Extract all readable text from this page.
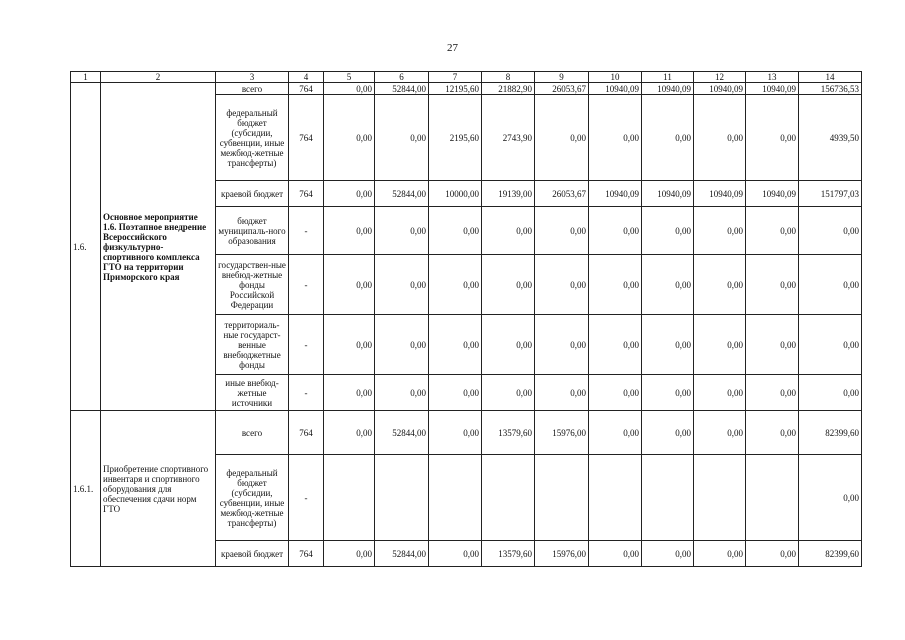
27
1	2	3	4	5	6	7	8	9	10	11	12	13	14
1.6.	Основное мероприятие 1.6. Поэтапное внедрение Всероссийского физкультурно-спортивного комплекса ГТО на территории Приморского края	всего	764	0,00	52844,00	12195,60	21882,90	26053,67	10940,09	10940,09	10940,09	10940,09	156736,53
		федеральный бюджет (субсидии, субвенции, иные межбюд-жетные трансферты)	764	0,00	0,00	2195,60	2743,90	0,00	0,00	0,00	0,00	0,00	4939,50
		краевой бюджет	764	0,00	52844,00	10000,00	19139,00	26053,67	10940,09	10940,09	10940,09	10940,09	151797,03
		бюджет муниципаль-ного образования	-	0,00	0,00	0,00	0,00	0,00	0,00	0,00	0,00	0,00	0,00
		государствен-ные внебюд-жетные фонды Российской Федерации	-	0,00	0,00	0,00	0,00	0,00	0,00	0,00	0,00	0,00	0,00
		территориаль-ные государст-венные внебюджетные фонды	-	0,00	0,00	0,00	0,00	0,00	0,00	0,00	0,00	0,00	0,00
		иные внебюд-жетные источники	-	0,00	0,00	0,00	0,00	0,00	0,00	0,00	0,00	0,00	0,00
1.6.1.	Приобретение спортивного инвентаря и спортивного оборудования для обеспечения сдачи норм ГТО	всего	764	0,00	52844,00	0,00	13579,60	15976,00	0,00	0,00	0,00	0,00	82399,60
		федеральный бюджет (субсидии, субвенции, иные межбюд-жетные трансферты)	-										0,00
		краевой бюджет	764	0,00	52844,00	0,00	13579,60	15976,00	0,00	0,00	0,00	0,00	82399,60
